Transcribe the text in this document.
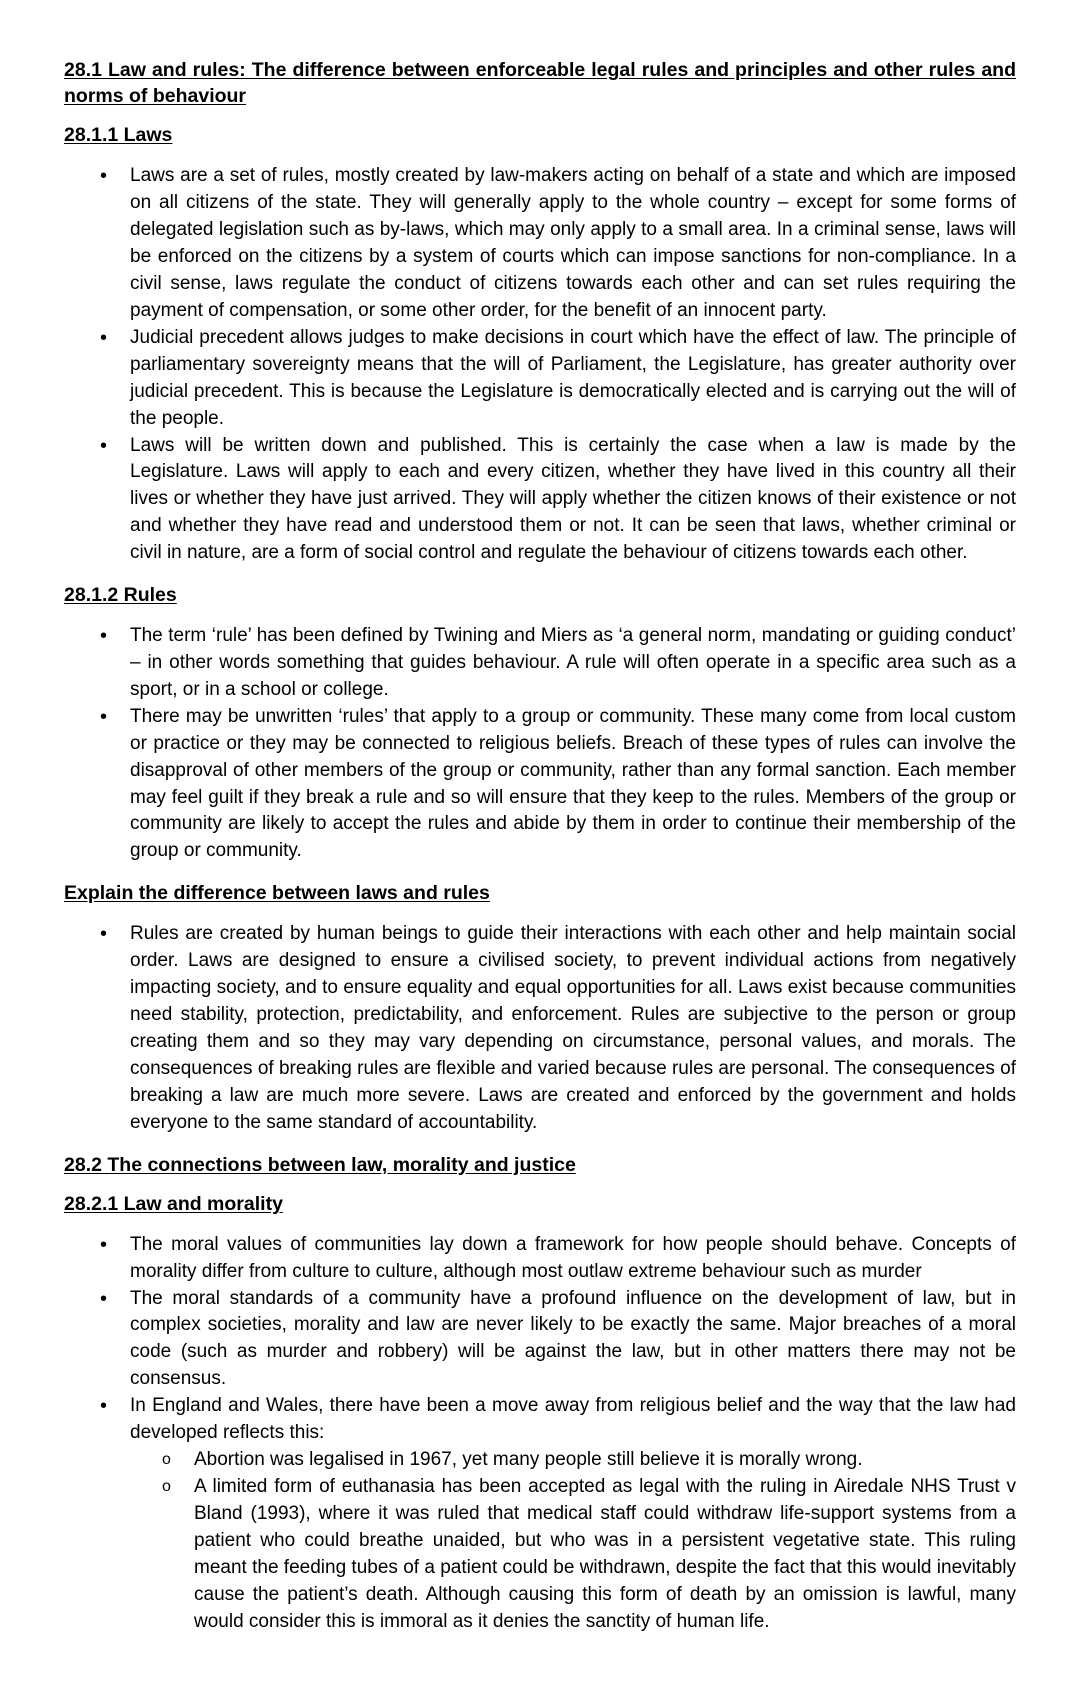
28.1 Law and rules: The difference between enforceable legal rules and principles and other rules and norms of behaviour
28.1.1 Laws
• Laws are a set of rules, mostly created by law-makers acting on behalf of a state and which are imposed on all citizens of the state. They will generally apply to the whole country – except for some forms of delegated legislation such as by-laws, which may only apply to a small area. In a criminal sense, laws will be enforced on the citizens by a system of courts which can impose sanctions for non-compliance. In a civil sense, laws regulate the conduct of citizens towards each other and can set rules requiring the payment of compensation, or some other order, for the benefit of an innocent party.
• Judicial precedent allows judges to make decisions in court which have the effect of law. The principle of parliamentary sovereignty means that the will of Parliament, the Legislature, has greater authority over judicial precedent. This is because the Legislature is democratically elected and is carrying out the will of the people.
• Laws will be written down and published. This is certainly the case when a law is made by the Legislature. Laws will apply to each and every citizen, whether they have lived in this country all their lives or whether they have just arrived. They will apply whether the citizen knows of their existence or not and whether they have read and understood them or not. It can be seen that laws, whether criminal or civil in nature, are a form of social control and regulate the behaviour of citizens towards each other.
28.1.2 Rules
• The term ‘rule’ has been defined by Twining and Miers as ‘a general norm, mandating or guiding conduct’ – in other words something that guides behaviour. A rule will often operate in a specific area such as a sport, or in a school or college.
• There may be unwritten ‘rules’ that apply to a group or community. These many come from local custom or practice or they may be connected to religious beliefs. Breach of these types of rules can involve the disapproval of other members of the group or community, rather than any formal sanction. Each member may feel guilt if they break a rule and so will ensure that they keep to the rules. Members of the group or community are likely to accept the rules and abide by them in order to continue their membership of the group or community.
Explain the difference between laws and rules
• Rules are created by human beings to guide their interactions with each other and help maintain social order. Laws are designed to ensure a civilised society, to prevent individual actions from negatively impacting society, and to ensure equality and equal opportunities for all. Laws exist because communities need stability, protection, predictability, and enforcement. Rules are subjective to the person or group creating them and so they may vary depending on circumstance, personal values, and morals. The consequences of breaking rules are flexible and varied because rules are personal. The consequences of breaking a law are much more severe. Laws are created and enforced by the government and holds everyone to the same standard of accountability.
28.2 The connections between law, morality and justice
28.2.1 Law and morality
• The moral values of communities lay down a framework for how people should behave. Concepts of morality differ from culture to culture, although most outlaw extreme behaviour such as murder
• The moral standards of a community have a profound influence on the development of law, but in complex societies, morality and law are never likely to be exactly the same. Major breaches of a moral code (such as murder and robbery) will be against the law, but in other matters there may not be consensus.
• In England and Wales, there have been a move away from religious belief and the way that the law had developed reflects this:
o Abortion was legalised in 1967, yet many people still believe it is morally wrong.
o A limited form of euthanasia has been accepted as legal with the ruling in Airedale NHS Trust v Bland (1993), where it was ruled that medical staff could withdraw life-support systems from a patient who could breathe unaided, but who was in a persistent vegetative state. This ruling meant the feeding tubes of a patient could be withdrawn, despite the fact that this would inevitably cause the patient’s death. Although causing this form of death by an omission is lawful, many would consider this is immoral as it denies the sanctity of human life.
